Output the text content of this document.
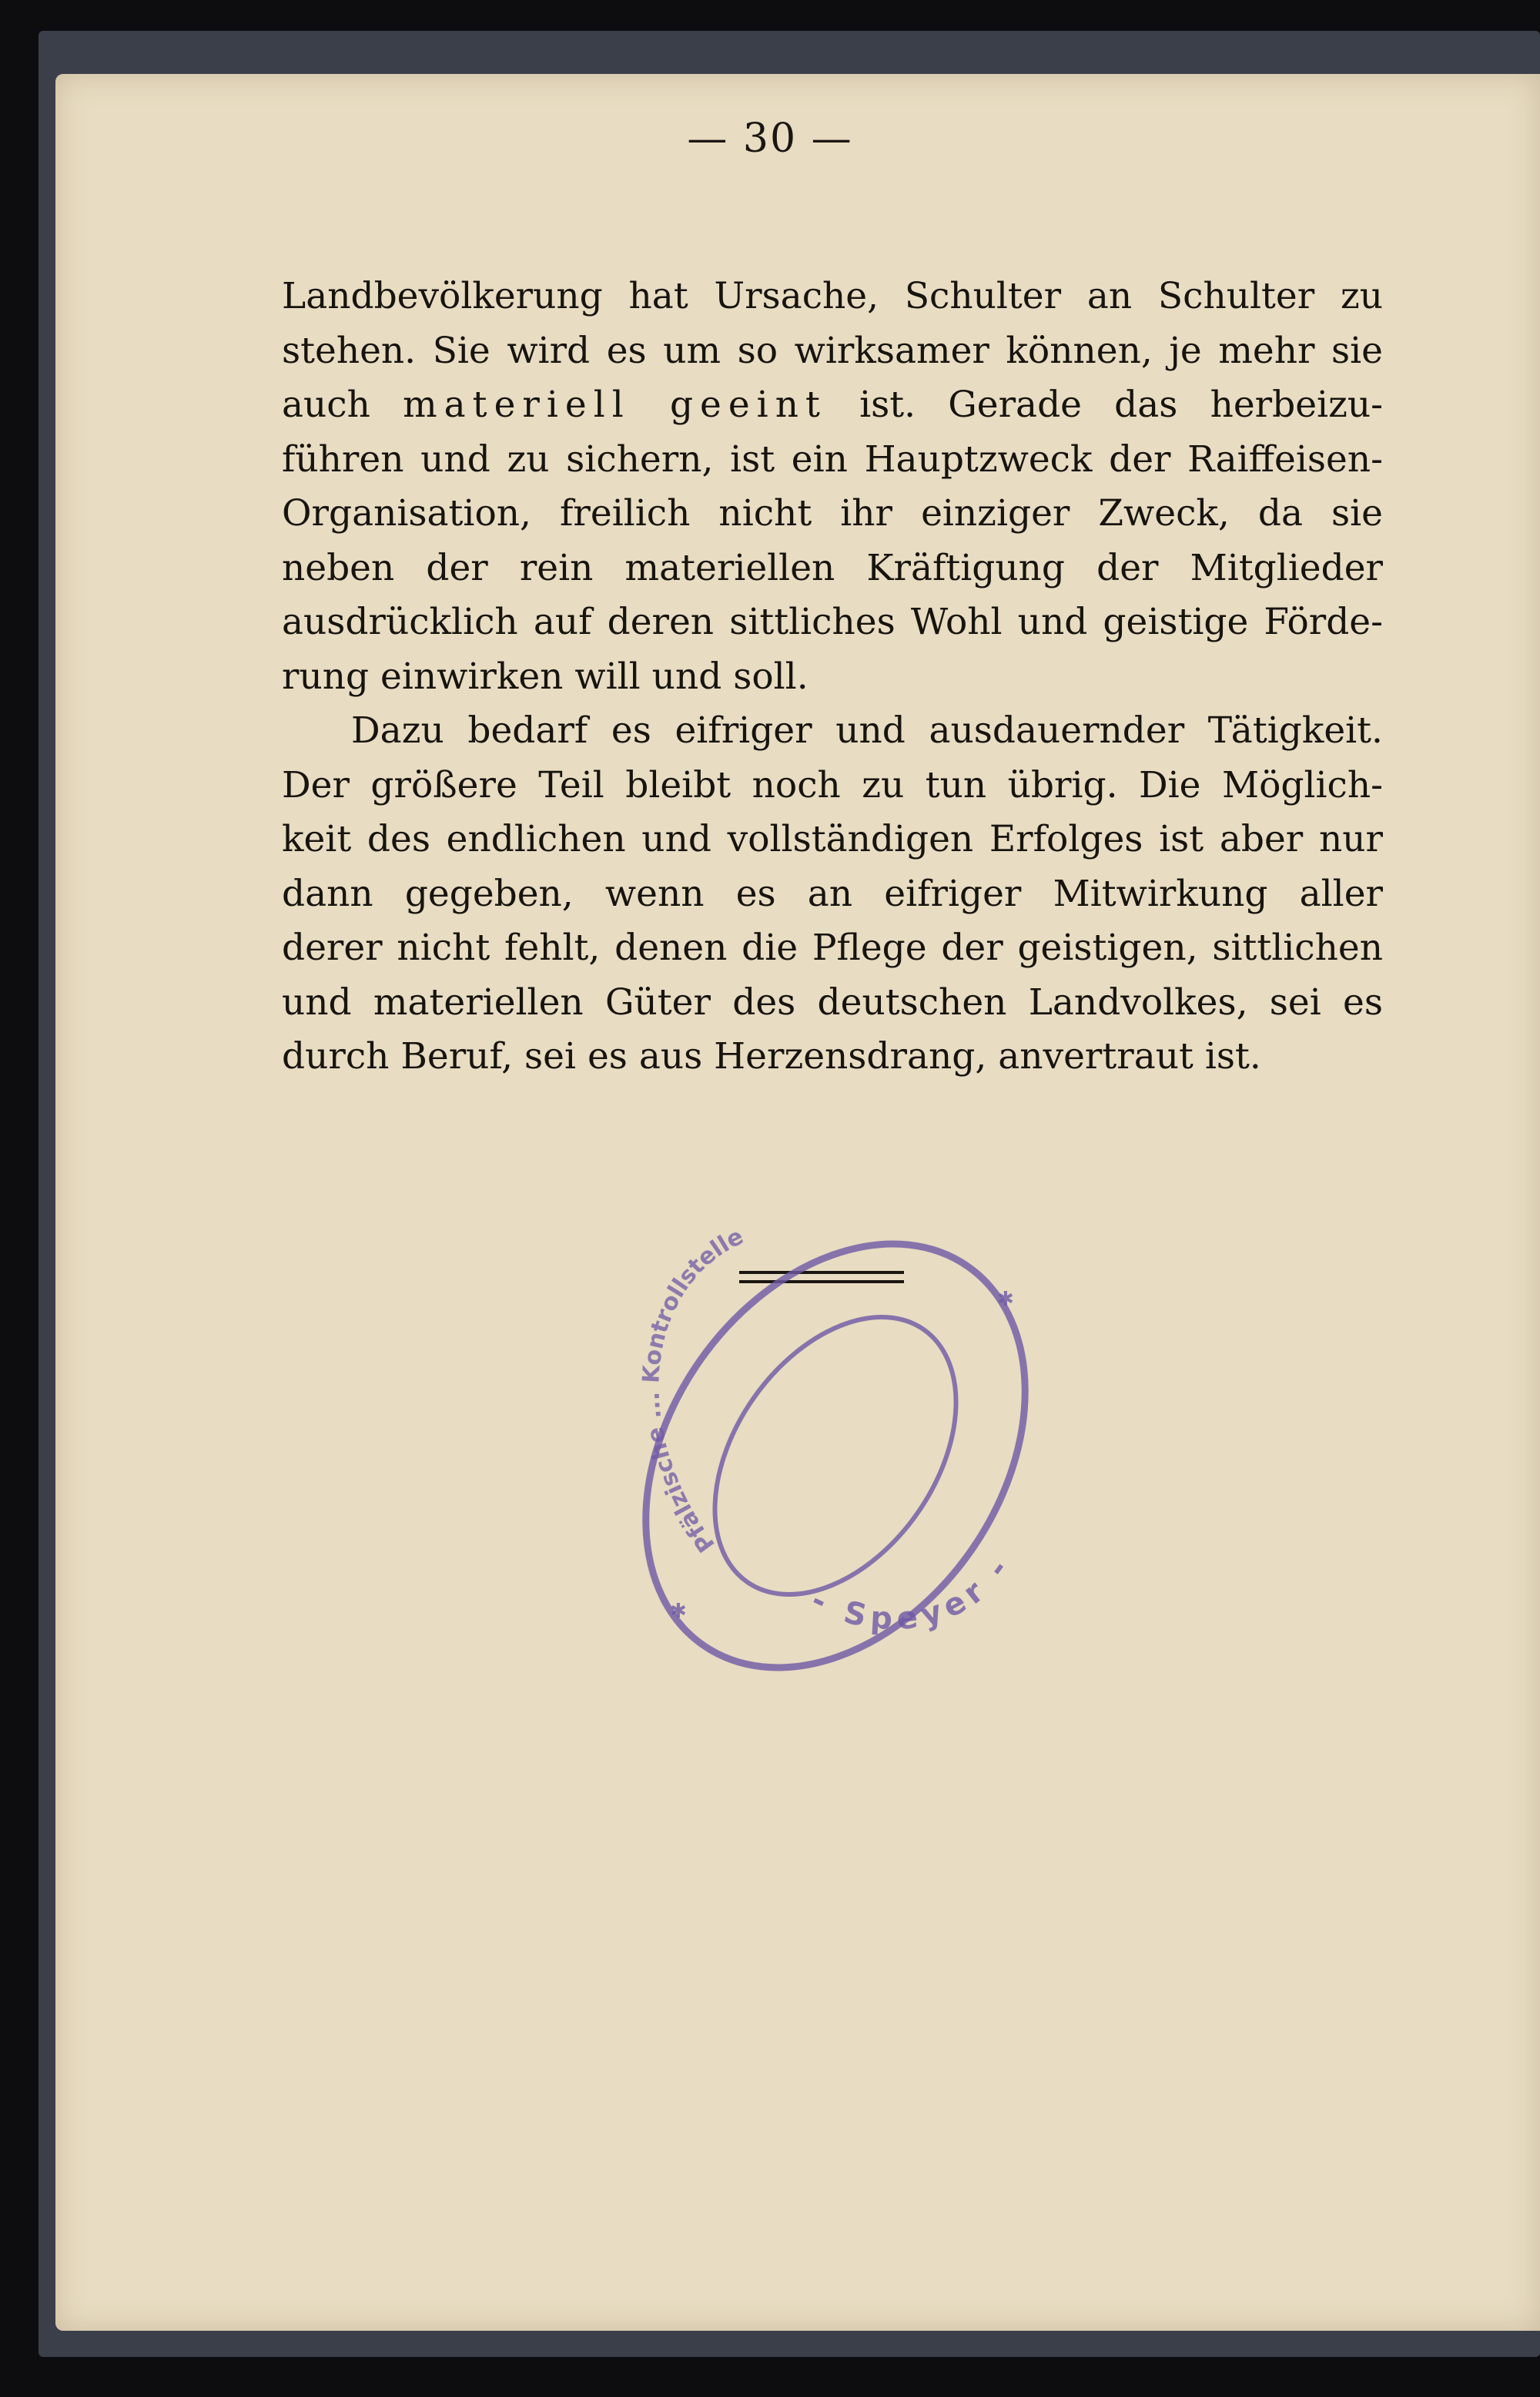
— 30 —
Landbevölkerung hat Ursache, Schulter an Schulter zu
stehen. Sie wird es um so wirksamer können, je mehr sie
auch materiell geeint ist. Gerade das herbeizu-
führen und zu sichern, ist ein Hauptzweck der Raiffeisen-
Organisation, freilich nicht ihr einziger Zweck, da sie
neben der rein materiellen Kräftigung der Mitglieder
ausdrücklich auf deren sittliches Wohl und geistige Förde-
rung einwirken will und soll.
Dazu bedarf es eifriger und ausdauernder Tätigkeit.
Der größere Teil bleibt noch zu tun übrig. Die Möglich-
keit des endlichen und vollständigen Erfolges ist aber nur
dann gegeben, wenn es an eifriger Mitwirkung aller
derer nicht fehlt, denen die Pflege der geistigen, sittlichen
und materiellen Güter des deutschen Landvolkes, sei es
durch Beruf, sei es aus Herzensdrang, anvertraut ist.
Pfälzische ... Kontrollstelle
- Speyer -
✱
✱
